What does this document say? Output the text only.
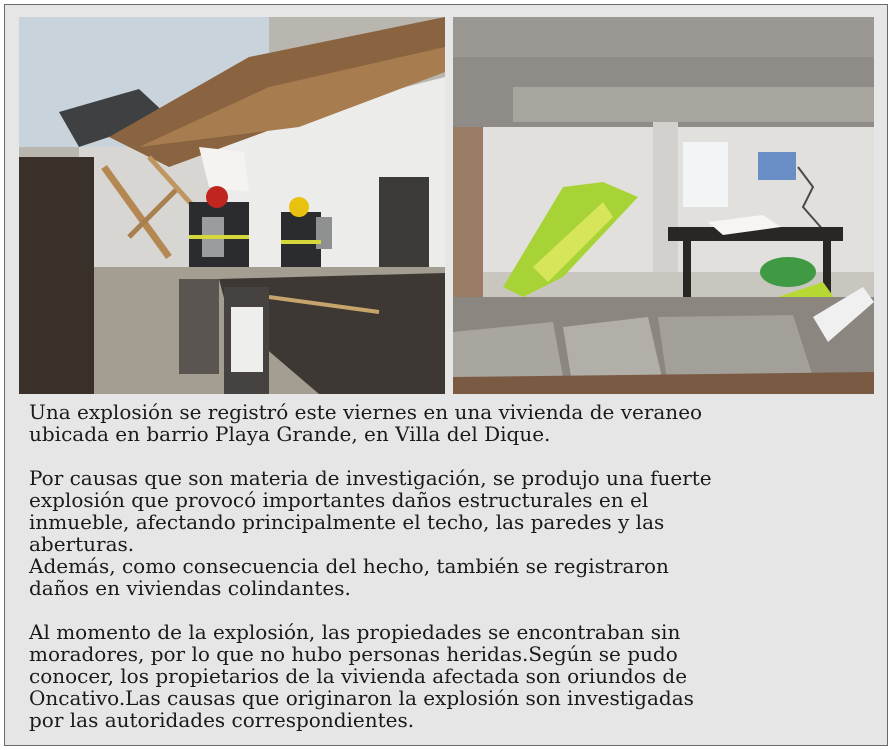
Una explosión se registró este viernes en una vivienda de veraneo
ubicada en barrio Playa Grande, en Villa del Dique.

Por causas que son materia de investigación, se produjo una fuerte
explosión que provocó importantes daños estructurales en el
inmueble, afectando principalmente el techo, las paredes y las
aberturas.
Además, como consecuencia del hecho, también se registraron
daños en viviendas colindantes.

Al momento de la explosión, las propiedades se encontraban sin
moradores, por lo que no hubo personas heridas.Según se pudo
conocer, los propietarios de la vivienda afectada son oriundos de
Oncativo.Las causas que originaron la explosión son investigadas
por las autoridades correspondientes.
